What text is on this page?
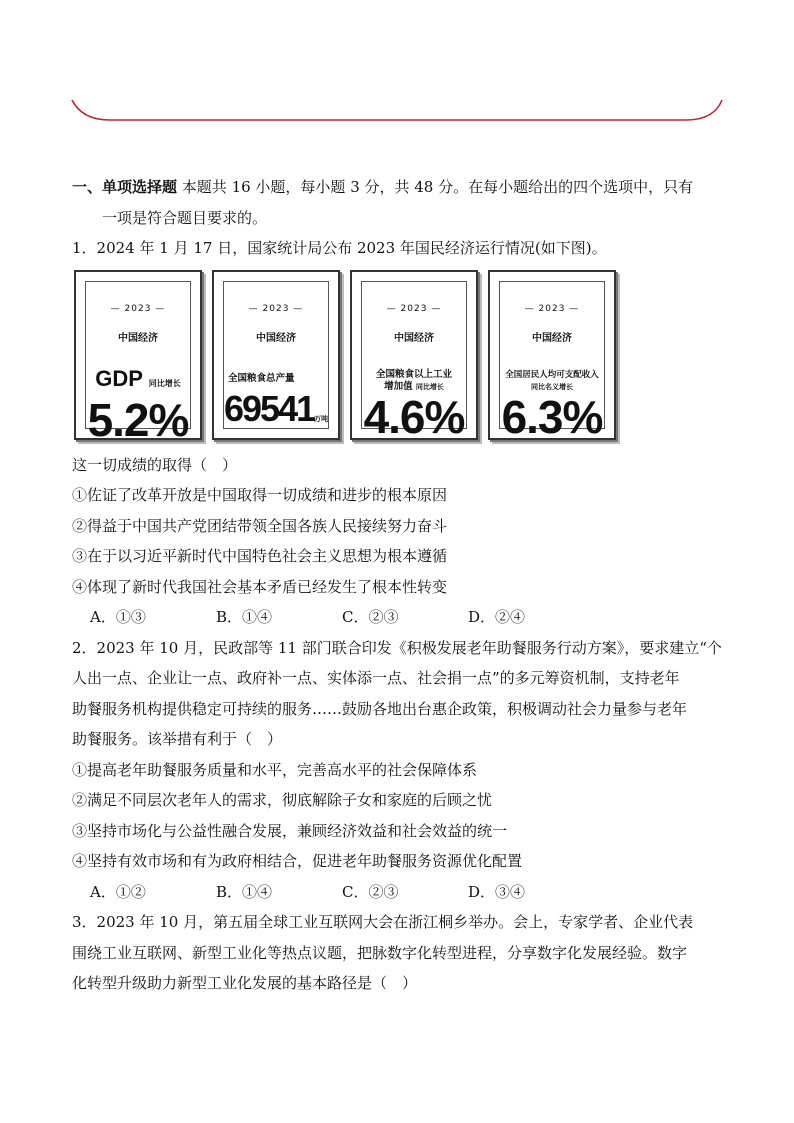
一、单项选择题 本题共 16 小题，每小题 3 分，共 48 分。在每小题给出的四个选项中，只有
一项是符合题目要求的。
1．2024 年 1 月 17 日，国家统计局公布 2023 年国民经济运行情况(如下图)。
— 2023 —
中国经济
GDP 同比增长
5.2%
— 2023 —
中国经济
全国粮食总产量
69541万吨
— 2023 —
中国经济
全国粮食以上工业
增加值 同比增长
4.6%
— 2023 —
中国经济
全国居民人均可支配收入
同比名义增长
6.3%
这一切成绩的取得（　）
①佐证了改革开放是中国取得一切成绩和进步的根本原因
②得益于中国共产党团结带领全国各族人民接续努力奋斗
③在于以习近平新时代中国特色社会主义思想为根本遵循
④体现了新时代我国社会基本矛盾已经发生了根本性转变
A．①③	B．①④	C．②③	D．②④
2．2023 年 10 月，民政部等 11 部门联合印发《积极发展老年助餐服务行动方案》，要求建立“个
人出一点、企业让一点、政府补一点、实体添一点、社会捐一点”的多元筹资机制，支持老年
助餐服务机构提供稳定可持续的服务……鼓励各地出台惠企政策，积极调动社会力量参与老年
助餐服务。该举措有利于（　）
①提高老年助餐服务质量和水平，完善高水平的社会保障体系
②满足不同层次老年人的需求，彻底解除子女和家庭的后顾之忧
③坚持市场化与公益性融合发展，兼顾经济效益和社会效益的统一
④坚持有效市场和有为政府相结合，促进老年助餐服务资源优化配置
A．①②	B．①④	C．②③	D．③④
3．2023 年 10 月，第五届全球工业互联网大会在浙江桐乡举办。会上，专家学者、企业代表
围绕工业互联网、新型工业化等热点议题，把脉数字化转型进程，分享数字化发展经验。数字
化转型升级助力新型工业化发展的基本路径是（　）
